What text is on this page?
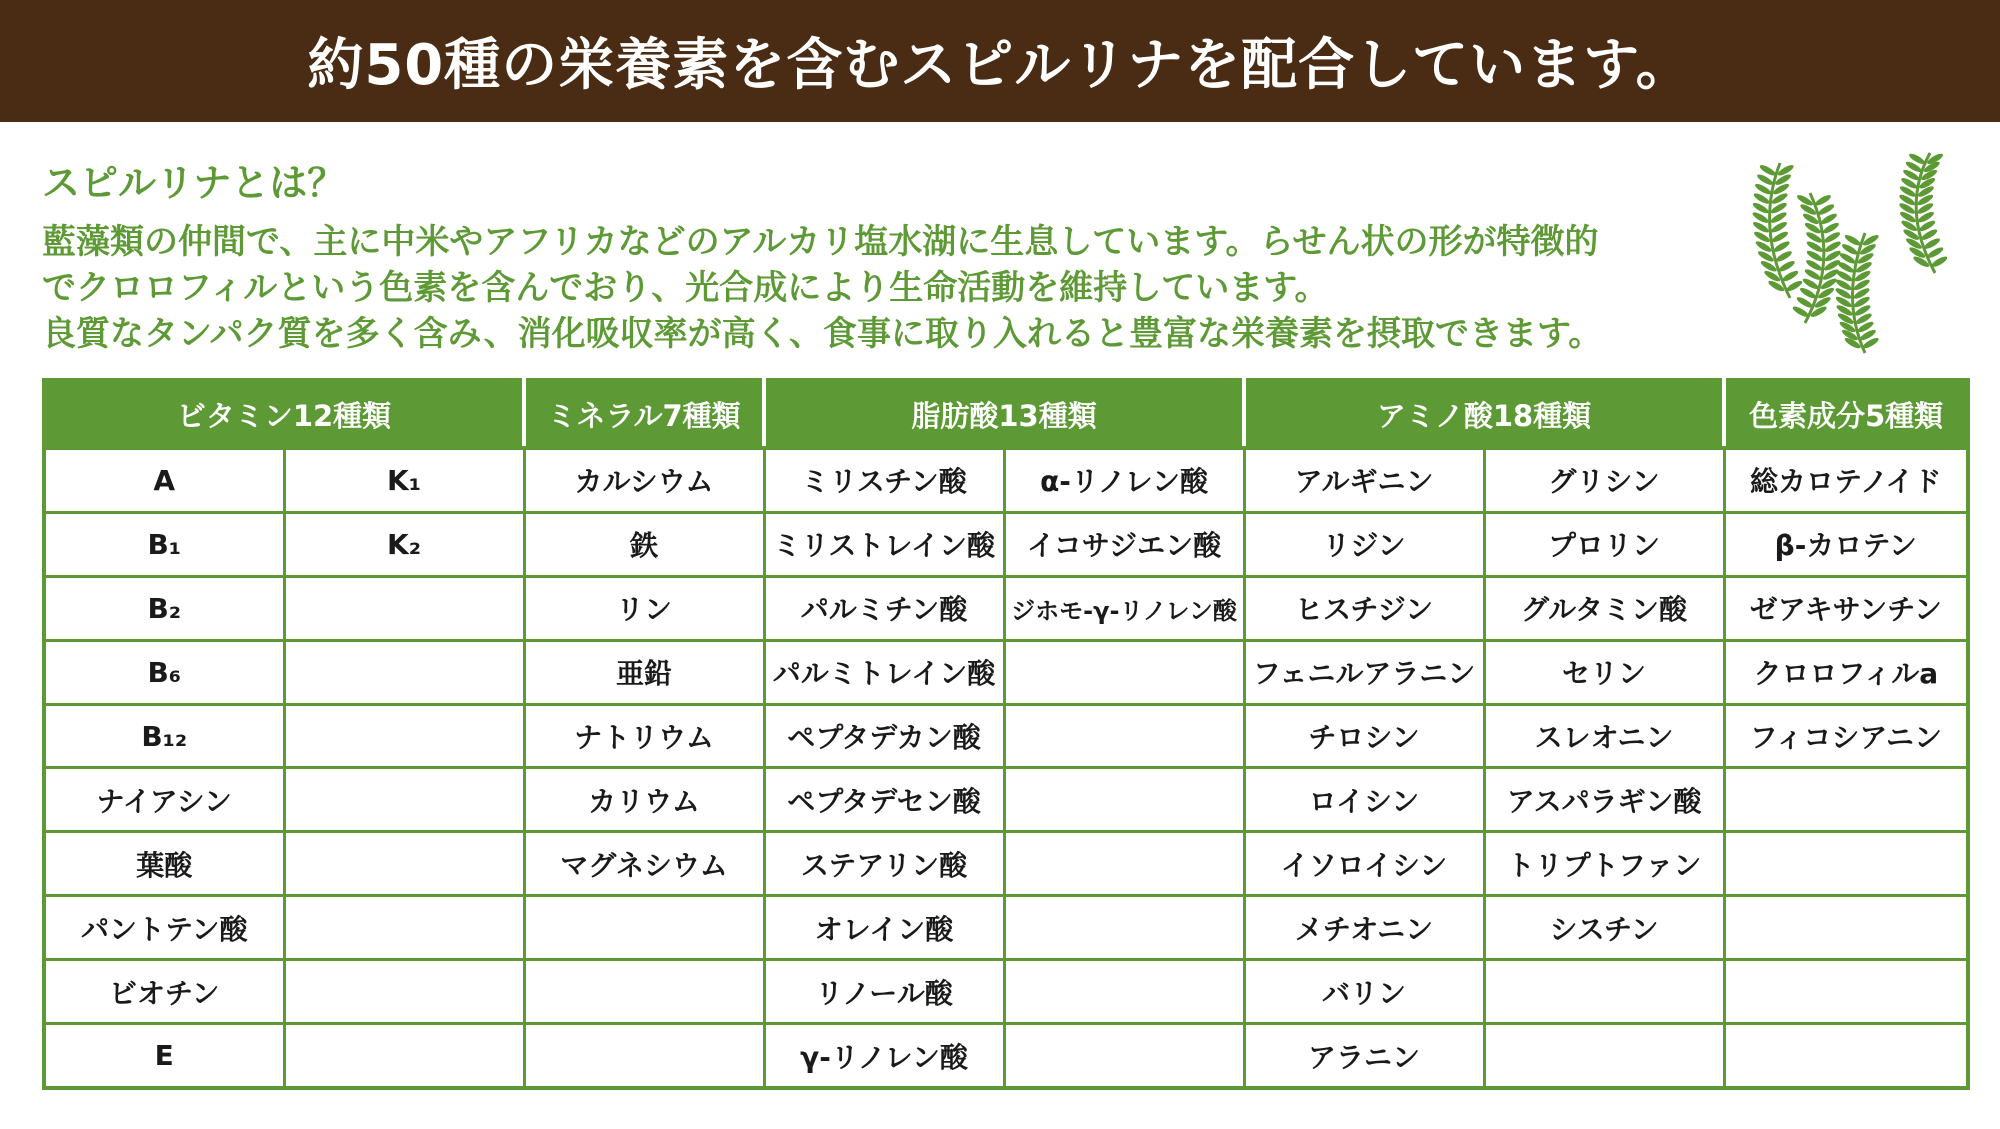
約50種の栄養素を含むスピルリナを配合しています。
スピルリナとは？
藍藻類の仲間で、主に中米やアフリカなどのアルカリ塩水湖に生息しています。らせん状の形が特徴的
でクロロフィルという色素を含んでおり、光合成により生命活動を維持しています。
良質なタンパク質を多く含み、消化吸収率が高く、食事に取り入れると豊富な栄養素を摂取できます。
ビタミン12種類		ミネラル7種類	脂肪酸13種類		アミノ酸18種類		色素成分5種類
A	K₁	カルシウム	ミリスチン酸	α-リノレン酸	アルギニン	グリシン	総カロテノイド
B₁	K₂	鉄	ミリストレイン酸	イコサジエン酸	リジン	プロリン	β-カロテン
B₂		リン	パルミチン酸	ジホモ-γ-リノレン酸	ヒスチジン	グルタミン酸	ゼアキサンチン
B₆		亜鉛	パルミトレイン酸		フェニルアラニン	セリン	クロロフィルa
B₁₂		ナトリウム	ペプタデカン酸		チロシン	スレオニン	フィコシアニン
ナイアシン		カリウム	ペプタデセン酸		ロイシン	アスパラギン酸	
葉酸		マグネシウム	ステアリン酸		イソロイシン	トリプトファン	
パントテン酸			オレイン酸		メチオニン	シスチン	
ビオチン			リノール酸		バリン		
E			γ-リノレン酸		アラニン		
